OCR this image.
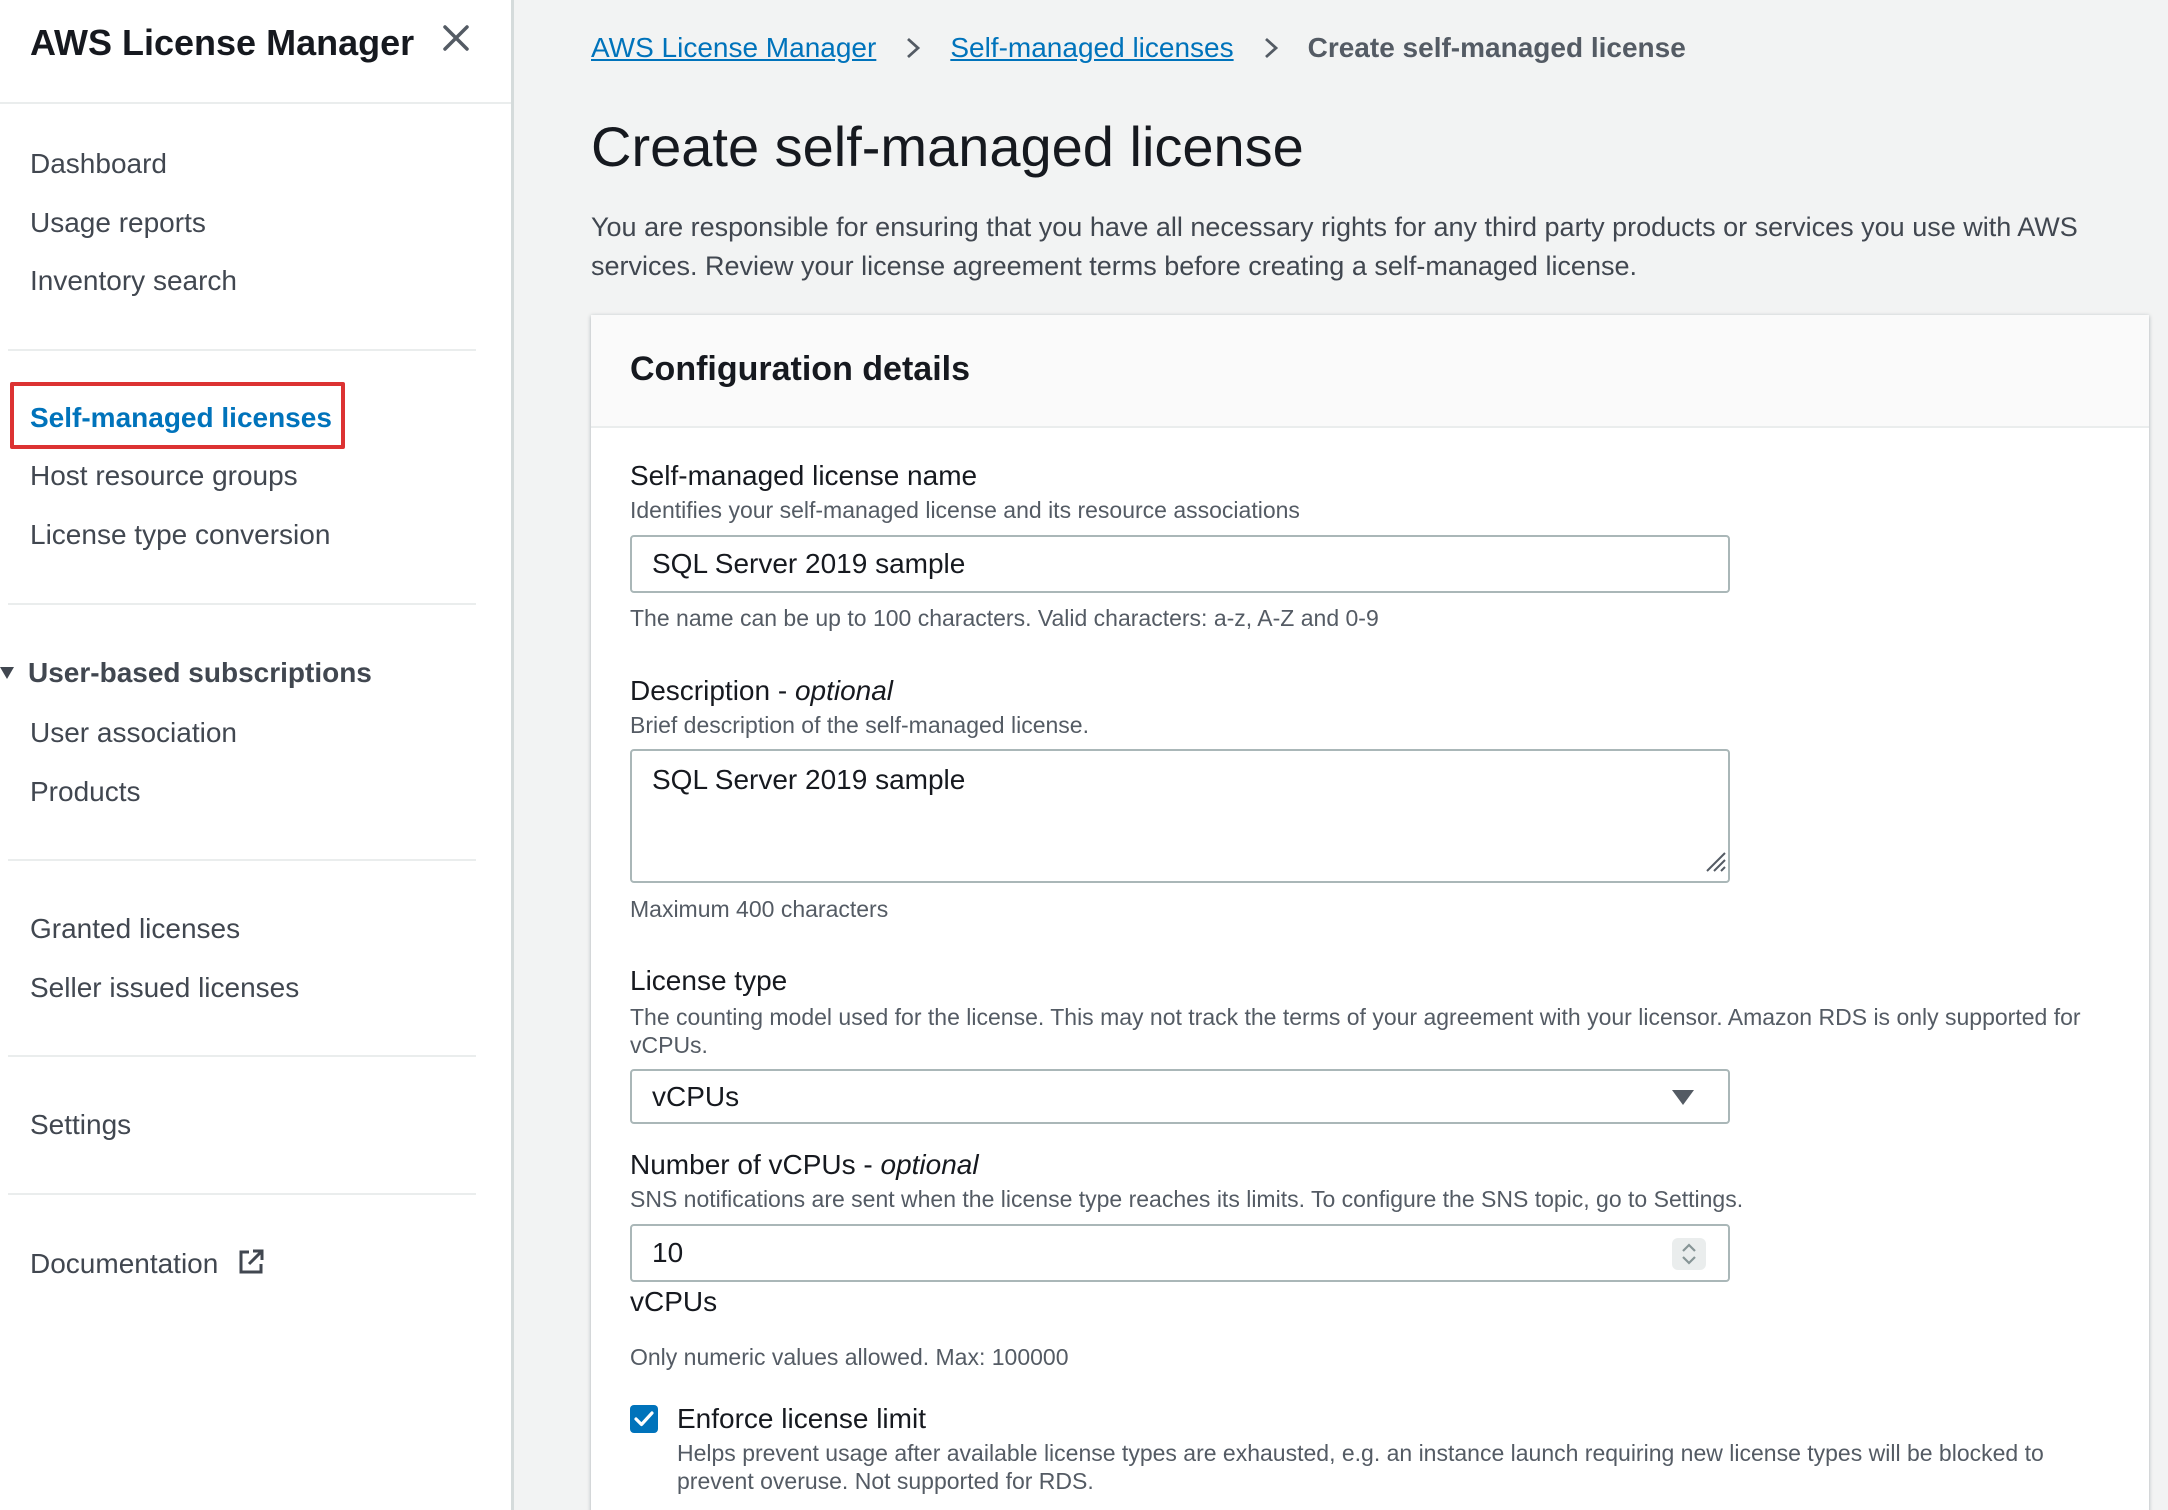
AWS License Manager
Dashboard
Usage reports
Inventory search
Self-managed licenses
Host resource groups
License type conversion
User-based subscriptions
User association
Products
Granted licenses
Seller issued licenses
Settings
Documentation
AWS License Manager	Self-managed licenses	Create self-managed license
Create self-managed license

You are responsible for ensuring that you have all necessary rights for any third party products or services you use with AWS services. Review your license agreement terms before creating a self-managed license.

Configuration details
Self-managed license name
Identifies your self-managed license and its resource associations
SQL Server 2019 sample
The name can be up to 100 characters. Valid characters: a-z, A-Z and 0-9
Description - optional
Brief description of the self-managed license.
SQL Server 2019 sample
Maximum 400 characters
License type
The counting model used for the license. This may not track the terms of your agreement with your licensor. Amazon RDS is only supported for vCPUs.
vCPUs
Number of vCPUs - optional
SNS notifications are sent when the license type reaches its limits. To configure the SNS topic, go to Settings.
10
vCPUs
Only numeric values allowed. Max: 100000
Enforce license limit
Helps prevent usage after available license types are exhausted, e.g. an instance launch requiring new license types will be blocked to prevent overuse. Not supported for RDS.
